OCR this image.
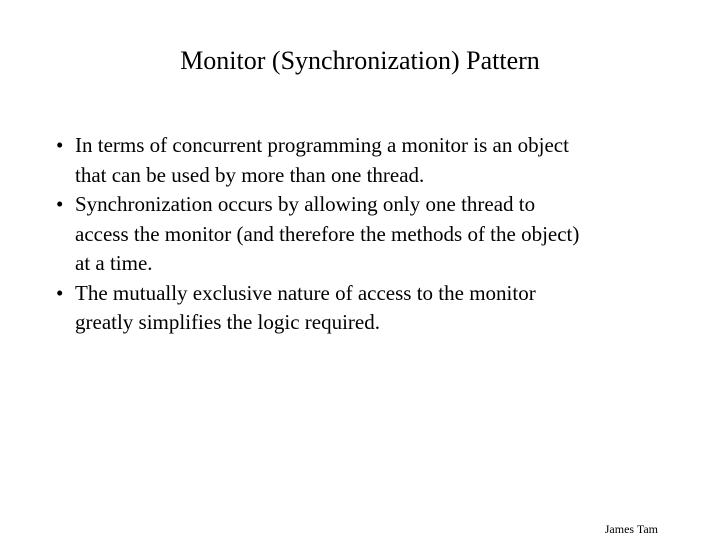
Monitor (Synchronization) Pattern
• In terms of concurrent programming a monitor is an object
that can be used by more than one thread.
• Synchronization occurs by allowing only one thread to
access the monitor (and therefore the methods of the object)
at a time.
• The mutually exclusive nature of access to the monitor
greatly simplifies the logic required.
James Tam
